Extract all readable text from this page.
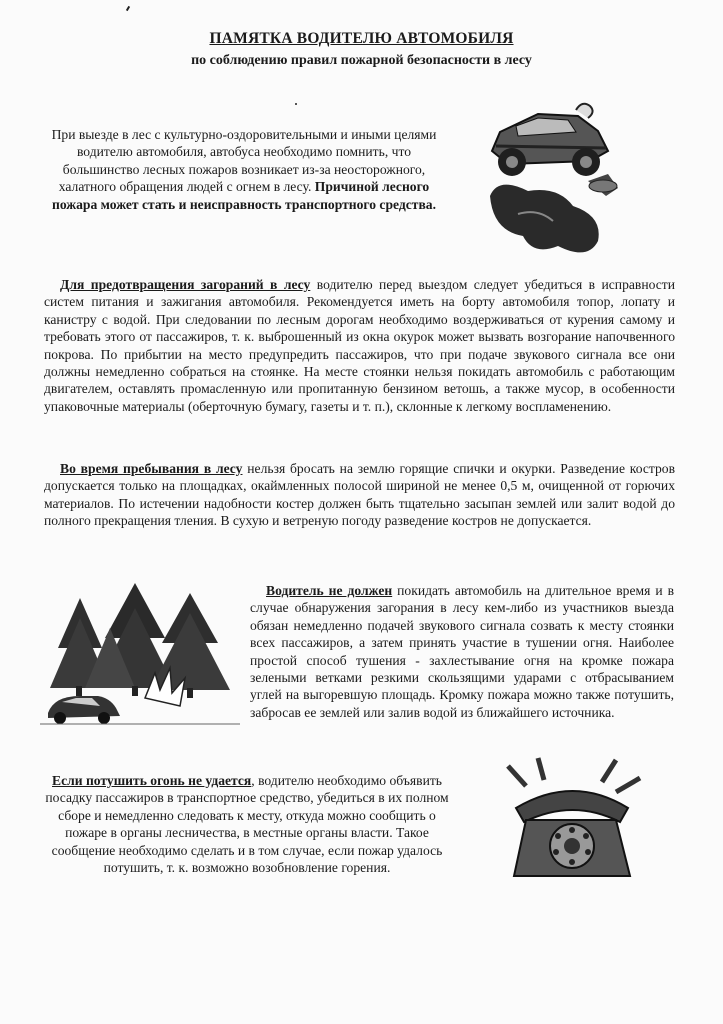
ПАМЯТКА ВОДИТЕЛЮ АВТОМОБИЛЯ
по соблюдению правил пожарной безопасности в лесу

При выезде в лес с культурно-оздоровительными и иными целями водителю автомобиля, автобуса необходимо помнить, что большинство лесных пожаров возникает из-за неосторожного, халатного обращения людей с огнем в лесу. Причиной лесного пожара может стать и неисправность транспортного средства.

Для предотвращения загораний в лесу водителю перед выездом следует убедиться в исправности систем питания и зажигания автомобиля. Рекомендуется иметь на борту автомобиля топор, лопату и канистру с водой. При следовании по лесным дорогам необходимо воздерживаться от курения самому и требовать этого от пассажиров, т. к. выброшенный из окна окурок может вызвать возгорание напочвенного покрова. По прибытии на место предупредить пассажиров, что при подаче звукового сигнала все они должны немедленно собраться на стоянке. На месте стоянки нельзя покидать автомобиль с работающим двигателем, оставлять промасленную или пропитанную бензином ветошь, а также мусор, в особенности упаковочные материалы (оберточную бумагу, газеты и т. п.), склонные к легкому воспламенению.

Во время пребывания в лесу нельзя бросать на землю горящие спички и окурки. Разведение костров допускается только на площадках, окаймленных полосой шириной не менее 0,5 м, очищенной от горючих материалов. По истечении надобности костер должен быть тщательно засыпан землей или залит водой до полного прекращения тления. В сухую и ветреную погоду разведение костров не допускается.

Водитель не должен покидать автомобиль на длительное время и в случае обнаружения загорания в лесу кем-либо из участников выезда обязан немедленно подачей звукового сигнала созвать к месту стоянки всех пассажиров, а затем принять участие в тушении огня. Наиболее простой способ тушения - захлестывание огня на кромке пожара зелеными ветками резкими скользящими ударами с отбрасыванием углей на выгоревшую площадь. Кромку пожара можно также потушить, забросав ее землей или залив водой из ближайшего источника.

Если потушить огонь не удается, водителю необходимо объявить посадку пассажиров в транспортное средство, убедиться в их полном сборе и немедленно следовать к месту, откуда можно сообщить о пожаре в органы лесничества, в местные органы власти. Такое сообщение необходимо сделать и в том случае, если пожар удалось потушить, т. к. возможно возобновление горения.
